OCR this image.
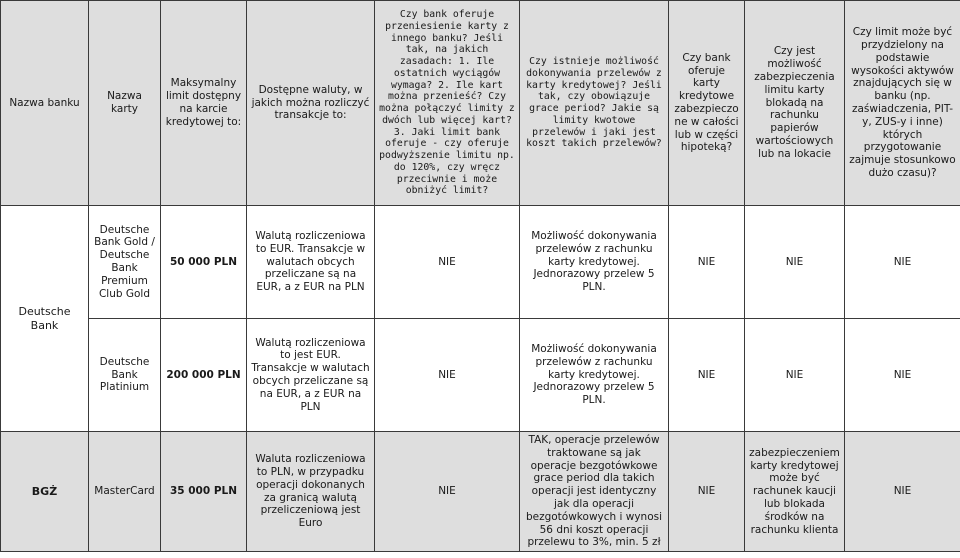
Nazwa banku	Nazwa karty	Maksymalny limit dostępny na karcie kredytowej to:	Dostępne waluty, w jakich można rozliczyć transakcje to:	Czy bank oferuje przeniesienie karty z innego banku? Jeśli tak, na jakich zasadach: 1. Ile ostatnich wyciągów wymaga? 2. Ile kart można przenieść? Czy można połączyć limity z dwóch lub więcej kart? 3. Jaki limit bank oferuje - czy oferuje podwyższenie limitu np. do 120%, czy wręcz przeciwnie i może obniżyć limit?	Czy istnieje możliwość dokonywania przelewów z karty kredytowej? Jeśli tak, czy obowiązuje grace period? Jakie są limity kwotowe przelewów i jaki jest koszt takich przelewów?	Czy bank oferuje karty kredytowe zabezpieczone w całości lub w części hipoteką?	Czy jest możliwość zabezpieczenia limitu karty blokadą na rachunku papierów wartościowych lub na lokacie	Czy limit może być przydzielony na podstawie wysokości aktywów znajdujących się w banku (np. zaświadczenia, PIT-y, ZUS-y i inne) których przygotowanie zajmuje stosunkowo dużo czasu)?
Deutsche Bank	Deutsche Bank Gold / Deutsche Bank Premium Club Gold	50 000 PLN	Walutą rozliczeniowa to EUR. Transakcje w walutach obcych przeliczane są na EUR, a z EUR na PLN	NIE	Możliwość dokonywania przelewów z rachunku karty kredytowej. Jednorazowy przelew 5 PLN.	NIE	NIE	NIE
	Deutsche Bank Platinium	200 000 PLN	Walutą rozliczeniowa to jest EUR. Transakcje w walutach obcych przeliczane są na EUR, a z EUR na PLN	NIE	Możliwość dokonywania przelewów z rachunku karty kredytowej. Jednorazowy przelew 5 PLN.	NIE	NIE	NIE
BGŻ	MasterCard	35 000 PLN	Waluta rozliczeniowa to PLN, w przypadku operacji dokonanych za granicą walutą przeliczeniową jest Euro	NIE	TAK, operacje przelewów traktowane są jak operacje bezgotówkowe grace period dla takich operacji jest identyczny jak dla operacji bezgotówkowych i wynosi 56 dni koszt operacji przelewu to 3%, min. 5 zł	NIE	zabezpieczeniem karty kredytowej może być rachunek kaucji lub blokada środków na rachunku klienta	NIE
